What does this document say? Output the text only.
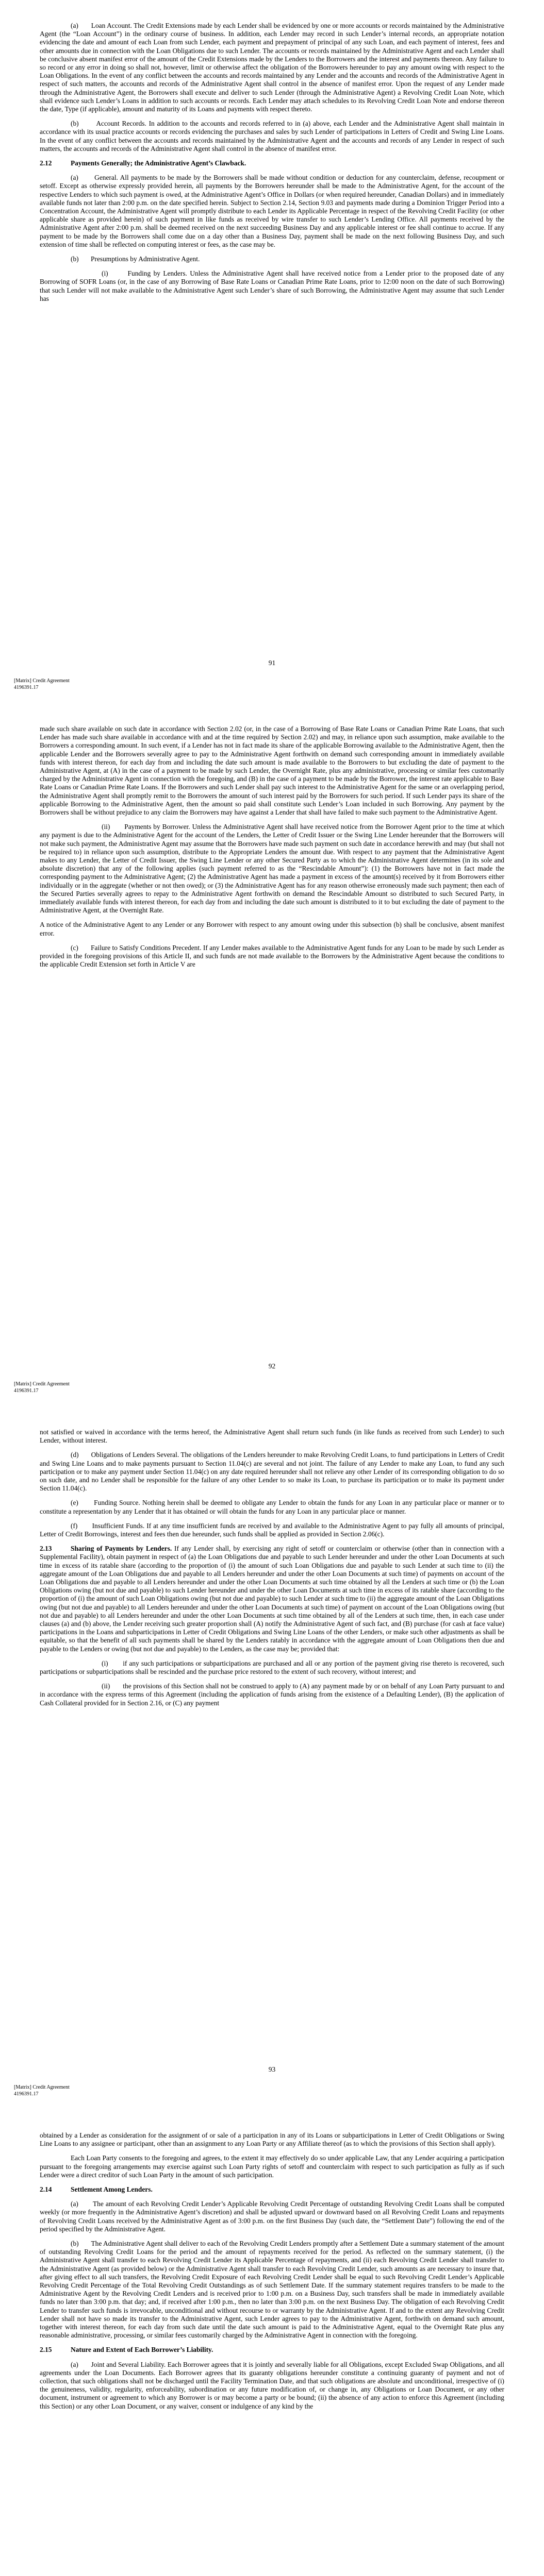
(a)       Loan Account. The Credit Extensions made by each Lender shall be evidenced by one or more accounts or records maintained by the Administrative Agent (the “Loan Account”) in the ordinary course of business. In addition, each Lender may record in such Lender’s internal records, an appropriate notation evidencing the date and amount of each Loan from such Lender, each payment and prepayment of principal of any such Loan, and each payment of interest, fees and other amounts due in connection with the Loan Obligations due to such Lender. The accounts or records maintained by the Administrative Agent and each Lender shall be conclusive absent manifest error of the amount of the Credit Extensions made by the Lenders to the Borrowers and the interest and payments thereon. Any failure to so record or any error in doing so shall not, however, limit or otherwise affect the obligation of the Borrowers hereunder to pay any amount owing with respect to the Loan Obligations. In the event of any conflict between the accounts and records maintained by any Lender and the accounts and records of the Administrative Agent in respect of such matters, the accounts and records of the Administrative Agent shall control in the absence of manifest error. Upon the request of any Lender made through the Administrative Agent, the Borrowers shall execute and deliver to such Lender (through the Administrative Agent) a Revolving Credit Loan Note, which shall evidence such Lender’s Loans in addition to such accounts or records. Each Lender may attach schedules to its Revolving Credit Loan Note and endorse thereon the date, Type (if applicable), amount and maturity of its Loans and payments with respect thereto.

(b)       Account Records. In addition to the accounts and records referred to in (a) above, each Lender and the Administrative Agent shall maintain in accordance with its usual practice accounts or records evidencing the purchases and sales by such Lender of participations in Letters of Credit and Swing Line Loans. In the event of any conflict between the accounts and records maintained by the Administrative Agent and the accounts and records of any Lender in respect of such matters, the accounts and records of the Administrative Agent shall control in the absence of manifest error.

2.12	Payments Generally; the Administrative Agent’s Clawback.

(a)       General. All payments to be made by the Borrowers shall be made without condition or deduction for any counterclaim, defense, recoupment or setoff. Except as otherwise expressly provided herein, all payments by the Borrowers hereunder shall be made to the Administrative Agent, for the account of the respective Lenders to which such payment is owed, at the Administrative Agent’s Office in Dollars (or when required hereunder, Canadian Dollars) and in immediately available funds not later than 2:00 p.m. on the date specified herein. Subject to Section 2.14, Section 9.03 and payments made during a Dominion Trigger Period into a Concentration Account, the Administrative Agent will promptly distribute to each Lender its Applicable Percentage in respect of the Revolving Credit Facility (or other applicable share as provided herein) of such payment in like funds as received by wire transfer to such Lender’s Lending Office. All payments received by the Administrative Agent after 2:00 p.m. shall be deemed received on the next succeeding Business Day and any applicable interest or fee shall continue to accrue. If any payment to be made by the Borrowers shall come due on a day other than a Business Day, payment shall be made on the next following Business Day, and such extension of time shall be reflected on computing interest or fees, as the case may be.

(b)       Presumptions by Administrative Agent.

(i)       Funding by Lenders. Unless the Administrative Agent shall have received notice from a Lender prior to the proposed date of any Borrowing of SOFR Loans (or, in the case of any Borrowing of Base Rate Loans or Canadian Prime Rate Loans, prior to 12:00 noon on the date of such Borrowing) that such Lender will not make available to the Administrative Agent such Lender’s share of such Borrowing, the Administrative Agent may assume that such Lender has

91
[Matrix] Credit Agreement
4196391.17

made such share available on such date in accordance with Section 2.02 (or, in the case of a Borrowing of Base Rate Loans or Canadian Prime Rate Loans, that such Lender has made such share available in accordance with and at the time required by Section 2.02) and may, in reliance upon such assumption, make available to the Borrowers a corresponding amount. In such event, if a Lender has not in fact made its share of the applicable Borrowing available to the Administrative Agent, then the applicable Lender and the Borrowers severally agree to pay to the Administrative Agent forthwith on demand such corresponding amount in immediately available funds with interest thereon, for each day from and including the date such amount is made available to the Borrowers to but excluding the date of payment to the Administrative Agent, at (A) in the case of a payment to be made by such Lender, the Overnight Rate, plus any administrative, processing or similar fees customarily charged by the Administrative Agent in connection with the foregoing, and (B) in the case of a payment to be made by the Borrower, the interest rate applicable to Base Rate Loans or Canadian Prime Rate Loans. If the Borrowers and such Lender shall pay such interest to the Administrative Agent for the same or an overlapping period, the Administrative Agent shall promptly remit to the Borrowers the amount of such interest paid by the Borrowers for such period. If such Lender pays its share of the applicable Borrowing to the Administrative Agent, then the amount so paid shall constitute such Lender’s Loan included in such Borrowing. Any payment by the Borrowers shall be without prejudice to any claim the Borrowers may have against a Lender that shall have failed to make such payment to the Administrative Agent.

(ii)       Payments by Borrower. Unless the Administrative Agent shall have received notice from the Borrower Agent prior to the time at which any payment is due to the Administrative Agent for the account of the Lenders, the Letter of Credit Issuer or the Swing Line Lender hereunder that the Borrowers will not make such payment, the Administrative Agent may assume that the Borrowers have made such payment on such date in accordance herewith and may (but shall not be required to) in reliance upon such assumption, distribute to the Appropriate Lenders the amount due. With respect to any payment that the Administrative Agent makes to any Lender, the Letter of Credit Issuer, the Swing Line Lender or any other Secured Party as to which the Administrative Agent determines (in its sole and absolute discretion) that any of the following applies (such payment referred to as the “Rescindable Amount”): (1) the Borrowers have not in fact made the corresponding payment to the Administrative Agent; (2) the Administrative Agent has made a payment in excess of the amount(s) received by it from Borrowers either individually or in the aggregate (whether or not then owed); or (3) the Administrative Agent has for any reason otherwise erroneously made such payment; then each of the Secured Parties severally agrees to repay to the Administrative Agent forthwith on demand the Rescindable Amount so distributed to such Secured Party, in immediately available funds with interest thereon, for each day from and including the date such amount is distributed to it to but excluding the date of payment to the Administrative Agent, at the Overnight Rate.

A notice of the Administrative Agent to any Lender or any Borrower with respect to any amount owing under this subsection (b) shall be conclusive, absent manifest error.

(c)       Failure to Satisfy Conditions Precedent. If any Lender makes available to the Administrative Agent funds for any Loan to be made by such Lender as provided in the foregoing provisions of this Article II, and such funds are not made available to the Borrowers by the Administrative Agent because the conditions to the applicable Credit Extension set forth in Article V are

92
[Matrix] Credit Agreement
4196391.17

not satisfied or waived in accordance with the terms hereof, the Administrative Agent shall return such funds (in like funds as received from such Lender) to such Lender, without interest.

(d)       Obligations of Lenders Several. The obligations of the Lenders hereunder to make Revolving Credit Loans, to fund participations in Letters of Credit and Swing Line Loans and to make payments pursuant to Section 11.04(c) are several and not joint. The failure of any Lender to make any Loan, to fund any such participation or to make any payment under Section 11.04(c) on any date required hereunder shall not relieve any other Lender of its corresponding obligation to do so on such date, and no Lender shall be responsible for the failure of any other Lender to so make its Loan, to purchase its participation or to make its payment under Section 11.04(c).

(e)       Funding Source. Nothing herein shall be deemed to obligate any Lender to obtain the funds for any Loan in any particular place or manner or to constitute a representation by any Lender that it has obtained or will obtain the funds for any Loan in any particular place or manner.

(f)       Insufficient Funds. If at any time insufficient funds are received by and available to the Administrative Agent to pay fully all amounts of principal, Letter of Credit Borrowings, interest and fees then due hereunder, such funds shall be applied as provided in Section 2.06(c).

2.13	Sharing of Payments by Lenders. If any Lender shall, by exercising any right of setoff or counterclaim or otherwise (other than in connection with a Supplemental Facility), obtain payment in respect of (a) the Loan Obligations due and payable to such Lender hereunder and under the other Loan Documents at such time in excess of its ratable share (according to the proportion of (i) the amount of such Loan Obligations due and payable to such Lender at such time to (ii) the aggregate amount of the Loan Obligations due and payable to all Lenders hereunder and under the other Loan Documents at such time) of payments on account of the Loan Obligations due and payable to all Lenders hereunder and under the other Loan Documents at such time obtained by all the Lenders at such time or (b) the Loan Obligations owing (but not due and payable) to such Lender hereunder and under the other Loan Documents at such time in excess of its ratable share (according to the proportion of (i) the amount of such Loan Obligations owing (but not due and payable) to such Lender at such time to (ii) the aggregate amount of the Loan Obligations owing (but not due and payable) to all Lenders hereunder and under the other Loan Documents at such time) of payment on account of the Loan Obligations owing (but not due and payable) to all Lenders hereunder and under the other Loan Documents at such time obtained by all of the Lenders at such time, then, in each case under clauses (a) and (b) above, the Lender receiving such greater proportion shall (A) notify the Administrative Agent of such fact, and (B) purchase (for cash at face value) participations in the Loans and subparticipations in Letter of Credit Obligations and Swing Line Loans of the other Lenders, or make such other adjustments as shall be equitable, so that the benefit of all such payments shall be shared by the Lenders ratably in accordance with the aggregate amount of Loan Obligations then due and payable to the Lenders or owing (but not due and payable) to the Lenders, as the case may be; provided that:

(i)       if any such participations or subparticipations are purchased and all or any portion of the payment giving rise thereto is recovered, such participations or subparticipations shall be rescinded and the purchase price restored to the extent of such recovery, without interest; and

(ii)       the provisions of this Section shall not be construed to apply to (A) any payment made by or on behalf of any Loan Party pursuant to and in accordance with the express terms of this Agreement (including the application of funds arising from the existence of a Defaulting Lender), (B) the application of Cash Collateral provided for in Section 2.16, or (C) any payment

93
[Matrix] Credit Agreement
4196391.17

obtained by a Lender as consideration for the assignment of or sale of a participation in any of its Loans or subparticipations in Letter of Credit Obligations or Swing Line Loans to any assignee or participant, other than an assignment to any Loan Party or any Affiliate thereof (as to which the provisions of this Section shall apply).

Each Loan Party consents to the foregoing and agrees, to the extent it may effectively do so under applicable Law, that any Lender acquiring a participation pursuant to the foregoing arrangements may exercise against such Loan Party rights of setoff and counterclaim with respect to such participation as fully as if such Lender were a direct creditor of such Loan Party in the amount of such participation.

2.14	Settlement Among Lenders.

(a)       The amount of each Revolving Credit Lender’s Applicable Revolving Credit Percentage of outstanding Revolving Credit Loans shall be computed weekly (or more frequently in the Administrative Agent’s discretion) and shall be adjusted upward or downward based on all Revolving Credit Loans and repayments of Revolving Credit Loans received by the Administrative Agent as of 3:00 p.m. on the first Business Day (such date, the “Settlement Date”) following the end of the period specified by the Administrative Agent.

(b)       The Administrative Agent shall deliver to each of the Revolving Credit Lenders promptly after a Settlement Date a summary statement of the amount of outstanding Revolving Credit Loans for the period and the amount of repayments received for the period. As reflected on the summary statement, (i) the Administrative Agent shall transfer to each Revolving Credit Lender its Applicable Percentage of repayments, and (ii) each Revolving Credit Lender shall transfer to the Administrative Agent (as provided below) or the Administrative Agent shall transfer to each Revolving Credit Lender, such amounts as are necessary to insure that, after giving effect to all such transfers, the Revolving Credit Exposure of each Revolving Credit Lender shall be equal to such Revolving Credit Lender’s Applicable Revolving Credit Percentage of the Total Revolving Credit Outstandings as of such Settlement Date. If the summary statement requires transfers to be made to the Administrative Agent by the Revolving Credit Lenders and is received prior to 1:00 p.m. on a Business Day, such transfers shall be made in immediately available funds no later than 3:00 p.m. that day; and, if received after 1:00 p.m., then no later than 3:00 p.m. on the next Business Day. The obligation of each Revolving Credit Lender to transfer such funds is irrevocable, unconditional and without recourse to or warranty by the Administrative Agent. If and to the extent any Revolving Credit Lender shall not have so made its transfer to the Administrative Agent, such Lender agrees to pay to the Administrative Agent, forthwith on demand such amount, together with interest thereon, for each day from such date until the date such amount is paid to the Administrative Agent, equal to the Overnight Rate plus any reasonable administrative, processing, or similar fees customarily charged by the Administrative Agent in connection with the foregoing.

2.15	Nature and Extent of Each Borrower’s Liability.

(a)       Joint and Several Liability. Each Borrower agrees that it is jointly and severally liable for all Obligations, except Excluded Swap Obligations, and all agreements under the Loan Documents. Each Borrower agrees that its guaranty obligations hereunder constitute a continuing guaranty of payment and not of collection, that such obligations shall not be discharged until the Facility Termination Date, and that such obligations are absolute and unconditional, irrespective of (i) the genuineness, validity, regularity, enforceability, subordination or any future modification of, or change in, any Obligations or Loan Document, or any other document, instrument or agreement to which any Borrower is or may become a party or be bound; (ii) the absence of any action to enforce this Agreement (including this Section) or any other Loan Document, or any waiver, consent or indulgence of any kind by the
